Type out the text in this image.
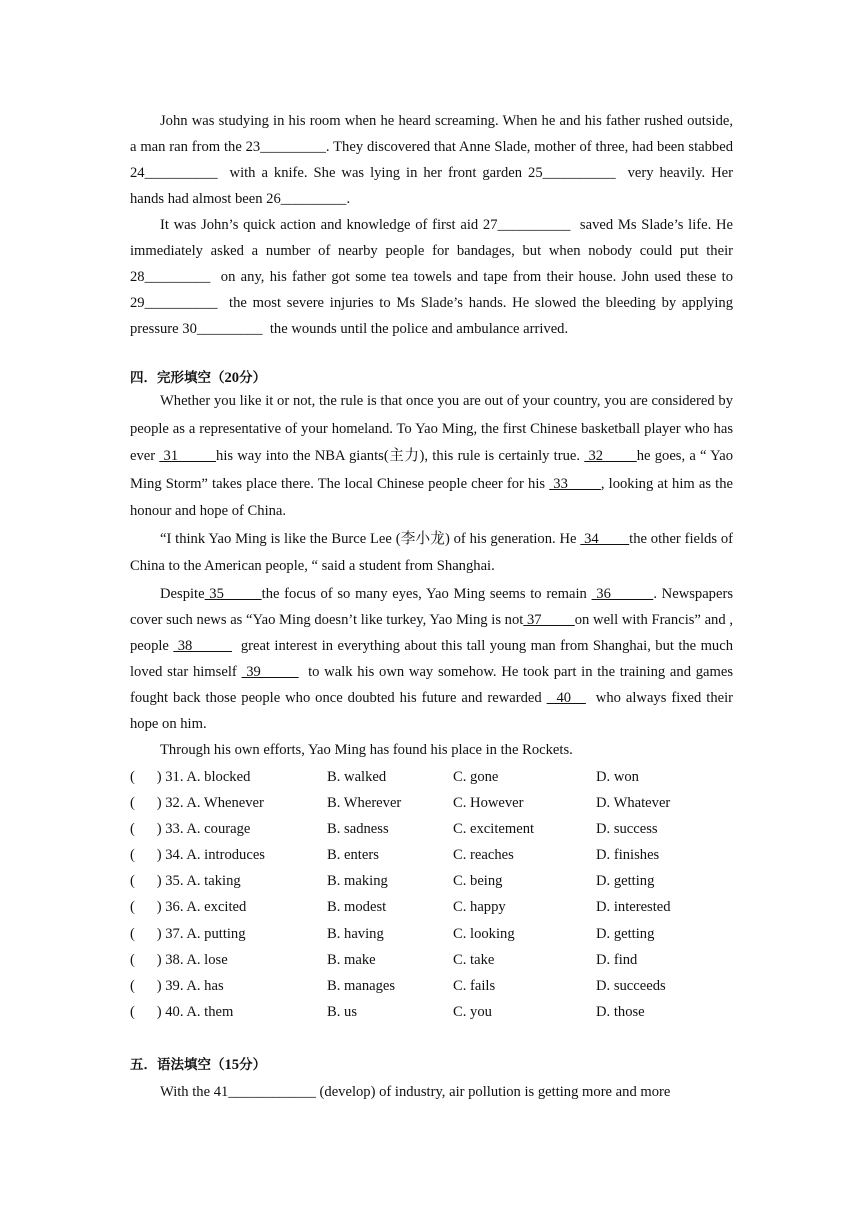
John was studying in his room when he heard screaming. When he and his father rushed outside, a man ran from the 23_________. They discovered that Anne Slade, mother of three, had been stabbed 24__________  with a knife. She was lying in her front garden 25__________  very heavily. Her hands had almost been 26_________.

It was John’s quick action and knowledge of first aid 27__________  saved Ms Slade’s life. He immediately asked a number of nearby people for bandages, but when nobody could put their 28_________  on any, his father got some tea towels and tape from their house. John used these to 29__________  the most severe injuries to Ms Slade’s hands. He slowed the bleeding by applying pressure 30_________  the wounds until the police and ambulance arrived.

四．完形填空（20分）

Whether you like it or not, the rule is that once you are out of your country, you are considered by people as a representative of your homeland. To Yao Ming, the first Chinese basketball player who has ever  31         his way into the NBA giants(主力), this rule is certainly true.  32        he goes, a “ Yao Ming Storm” takes place there. The local Chinese people cheer for his  33        , looking at him as the honour and hope of China.

“I think Yao Ming is like the Burce Lee (李小龙) of his generation. He  34        the other fields of China to the American people, “ said a student from Shanghai.

Despite 35        the focus of so many eyes, Yao Ming seems to remain  36         . Newspapers cover such news as “Yao Ming doesn’t like turkey, Yao Ming is not 37         on well with Francis” and , people  38           great interest in everything about this tall young man from Shanghai, but the much loved star himself  39          to walk his own way somehow. He took part in the training and games fought back those people who once doubted his future and rewarded   40     who always fixed their hope on him.

Through his own efforts, Yao Ming has found his place in the Rockets.

(      ) 31. A. blocked	B. walked	C. gone	D. won
(      ) 32. A. Whenever	B. Wherever	C. However	D. Whatever
(      ) 33. A. courage	B. sadness	C. excitement	D. success
(      ) 34. A. introduces	B. enters	C. reaches	D. finishes
(      ) 35. A. taking	B. making	C. being	D. getting
(      ) 36. A. excited	B. modest	C. happy	D. interested
(      ) 37. A. putting	B. having	C. looking	D. getting
(      ) 38. A. lose	B. make	C. take	D. find
(      ) 39. A. has	B. manages	C. fails	D. succeeds
(      ) 40. A. them	B. us	C. you	D. those

五．语法填空（15分）

With the 41____________ (develop) of industry, air pollution is getting more and more
